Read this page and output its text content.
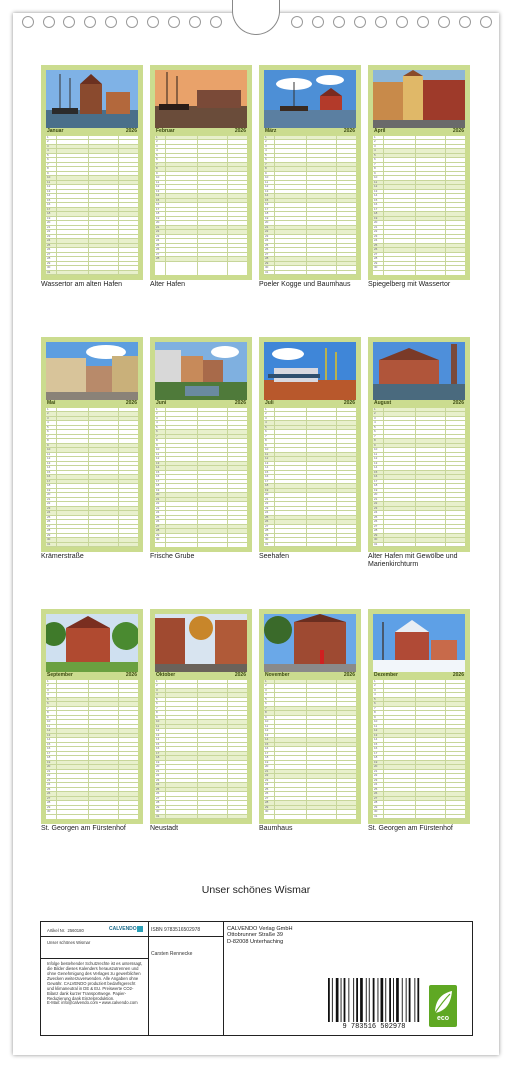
Januar	2026
1
2
3
4
5
6
7
8
9
10
11
12
13
14
15
16
17
18
19
20
21
22
23
24
25
26
27
28
29
30
31
Wassertor am alten Hafen
Februar	2026
1
2
3
4
5
6
7
8
9
10
11
12
13
14
15
16
17
18
19
20
21
22
23
24
25
26
27
28
Alter Hafen
März	2026
1
2
3
4
5
6
7
8
9
10
11
12
13
14
15
16
17
18
19
20
21
22
23
24
25
26
27
28
29
30
31
Poeler Kogge und Baumhaus
April	2026
1
2
3
4
5
6
7
8
9
10
11
12
13
14
15
16
17
18
19
20
21
22
23
24
25
26
27
28
29
30
Spiegelberg mit Wassertor
Mai	2026
1
2
3
4
5
6
7
8
9
10
11
12
13
14
15
16
17
18
19
20
21
22
23
24
25
26
27
28
29
30
31
Krämerstraße
Juni	2026
1
2
3
4
5
6
7
8
9
10
11
12
13
14
15
16
17
18
19
20
21
22
23
24
25
26
27
28
29
30
Frische Grube
Juli	2026
1
2
3
4
5
6
7
8
9
10
11
12
13
14
15
16
17
18
19
20
21
22
23
24
25
26
27
28
29
30
31
Seehafen
August	2026
1
2
3
4
5
6
7
8
9
10
11
12
13
14
15
16
17
18
19
20
21
22
23
24
25
26
27
28
29
30
31
Alter Hafen mit Gewölbe und Marienkirchturm
September	2026
1
2
3
4
5
6
7
8
9
10
11
12
13
14
15
16
17
18
19
20
21
22
23
24
25
26
27
28
29
30
St. Georgen am Fürstenhof
Oktober	2026
1
2
3
4
5
6
7
8
9
10
11
12
13
14
15
16
17
18
19
20
21
22
23
24
25
26
27
28
29
30
31
Neustadt
November	2026
1
2
3
4
5
6
7
8
9
10
11
12
13
14
15
16
17
18
19
20
21
22
23
24
25
26
27
28
29
30
Baumhaus
Dezember	2026
1
2
3
4
5
6
7
8
9
10
11
12
13
14
15
16
17
18
19
20
21
22
23
24
25
26
27
28
29
30
31
St. Georgen am Fürstenhof
Unser schönes Wismar
Artikel Nr. 2560180	CALVENDO
Unser schönes Wismar
Infolge bestehender Schutzrechte ist es unterssagt, die Bilder dieses Kalenders herauszutrennen und ohne Genehmigung des Verlages zu gewerblichen Zwecken weiterzuverwenden. Alle Angaben ohne Gewähr. CALVENDO produziert bedarfsgerecht und klimaneutral in DE & EU. Preiswerte CO2-Bilanz dank kurzer Transportwege. Papier-Reduzierung dank Einzelproduktion.
E-Mail: info@calvendo.com • www.calvendo.com
ISBN 9783516502978
Carsten Rennecke
CALVENDO Verlag GmbH
Ottobrunner Straße 39
D-82008 Unterhaching
9 783516 502978
eco
